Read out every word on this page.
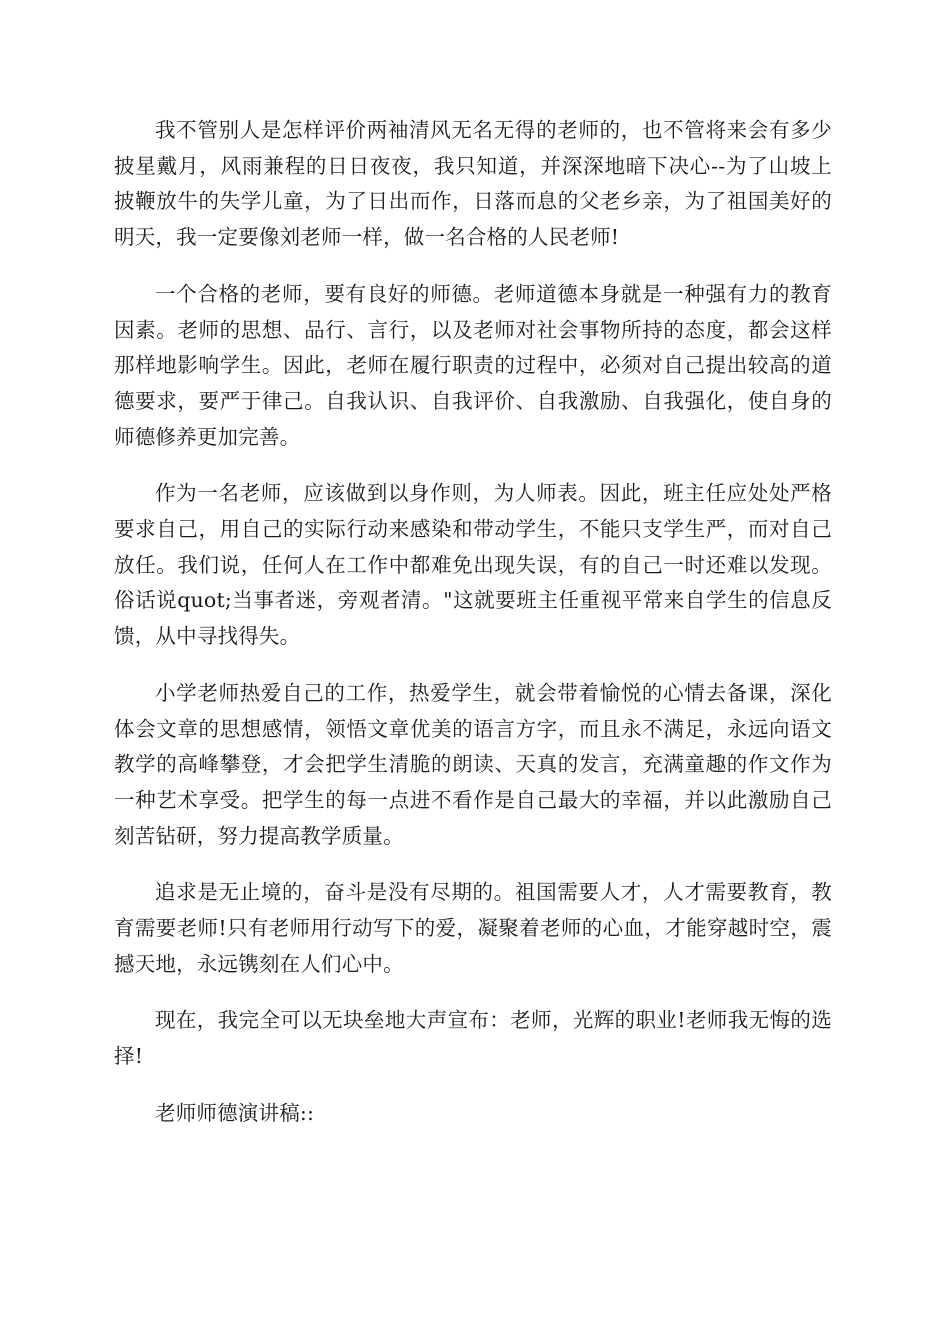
我不管别人是怎样评价两袖清风无名无得的老师的，也不管将来会有多少披星戴月，风雨兼程的日日夜夜，我只知道，并深深地暗下决心--为了山坡上披鞭放牛的失学儿童，为了日出而作，日落而息的父老乡亲，为了祖国美好的明天，我一定要像刘老师一样，做一名合格的人民老师!

一个合格的老师，要有良好的师德。老师道德本身就是一种强有力的教育因素。老师的思想、品行、言行，以及老师对社会事物所持的态度，都会这样那样地影响学生。因此，老师在履行职责的过程中，必须对自己提出较高的道德要求，要严于律己。自我认识、自我评价、自我激励、自我强化，使自身的师德修养更加完善。

作为一名老师，应该做到以身作则，为人师表。因此，班主任应处处严格要求自己，用自己的实际行动来感染和带动学生，不能只支学生严，而对自己放任。我们说，任何人在工作中都难免出现失误，有的自己一时还难以发现。俗话说quot;当事者迷，旁观者清。"这就要班主任重视平常来自学生的信息反馈，从中寻找得失。

小学老师热爱自己的工作，热爱学生，就会带着愉悦的心情去备课，深化体会文章的思想感情，领悟文章优美的语言方字，而且永不满足，永远向语文教学的高峰攀登，才会把学生清脆的朗读、天真的发言，充满童趣的作文作为一种艺术享受。把学生的每一点进不看作是自己最大的幸福，并以此激励自己刻苦钻研，努力提高教学质量。

追求是无止境的，奋斗是没有尽期的。祖国需要人才，人才需要教育，教育需要老师!只有老师用行动写下的爱，凝聚着老师的心血，才能穿越时空，震撼天地，永远镌刻在人们心中。

现在，我完全可以无块垒地大声宣布：老师，光辉的职业!老师我无悔的选择!

老师师德演讲稿::
